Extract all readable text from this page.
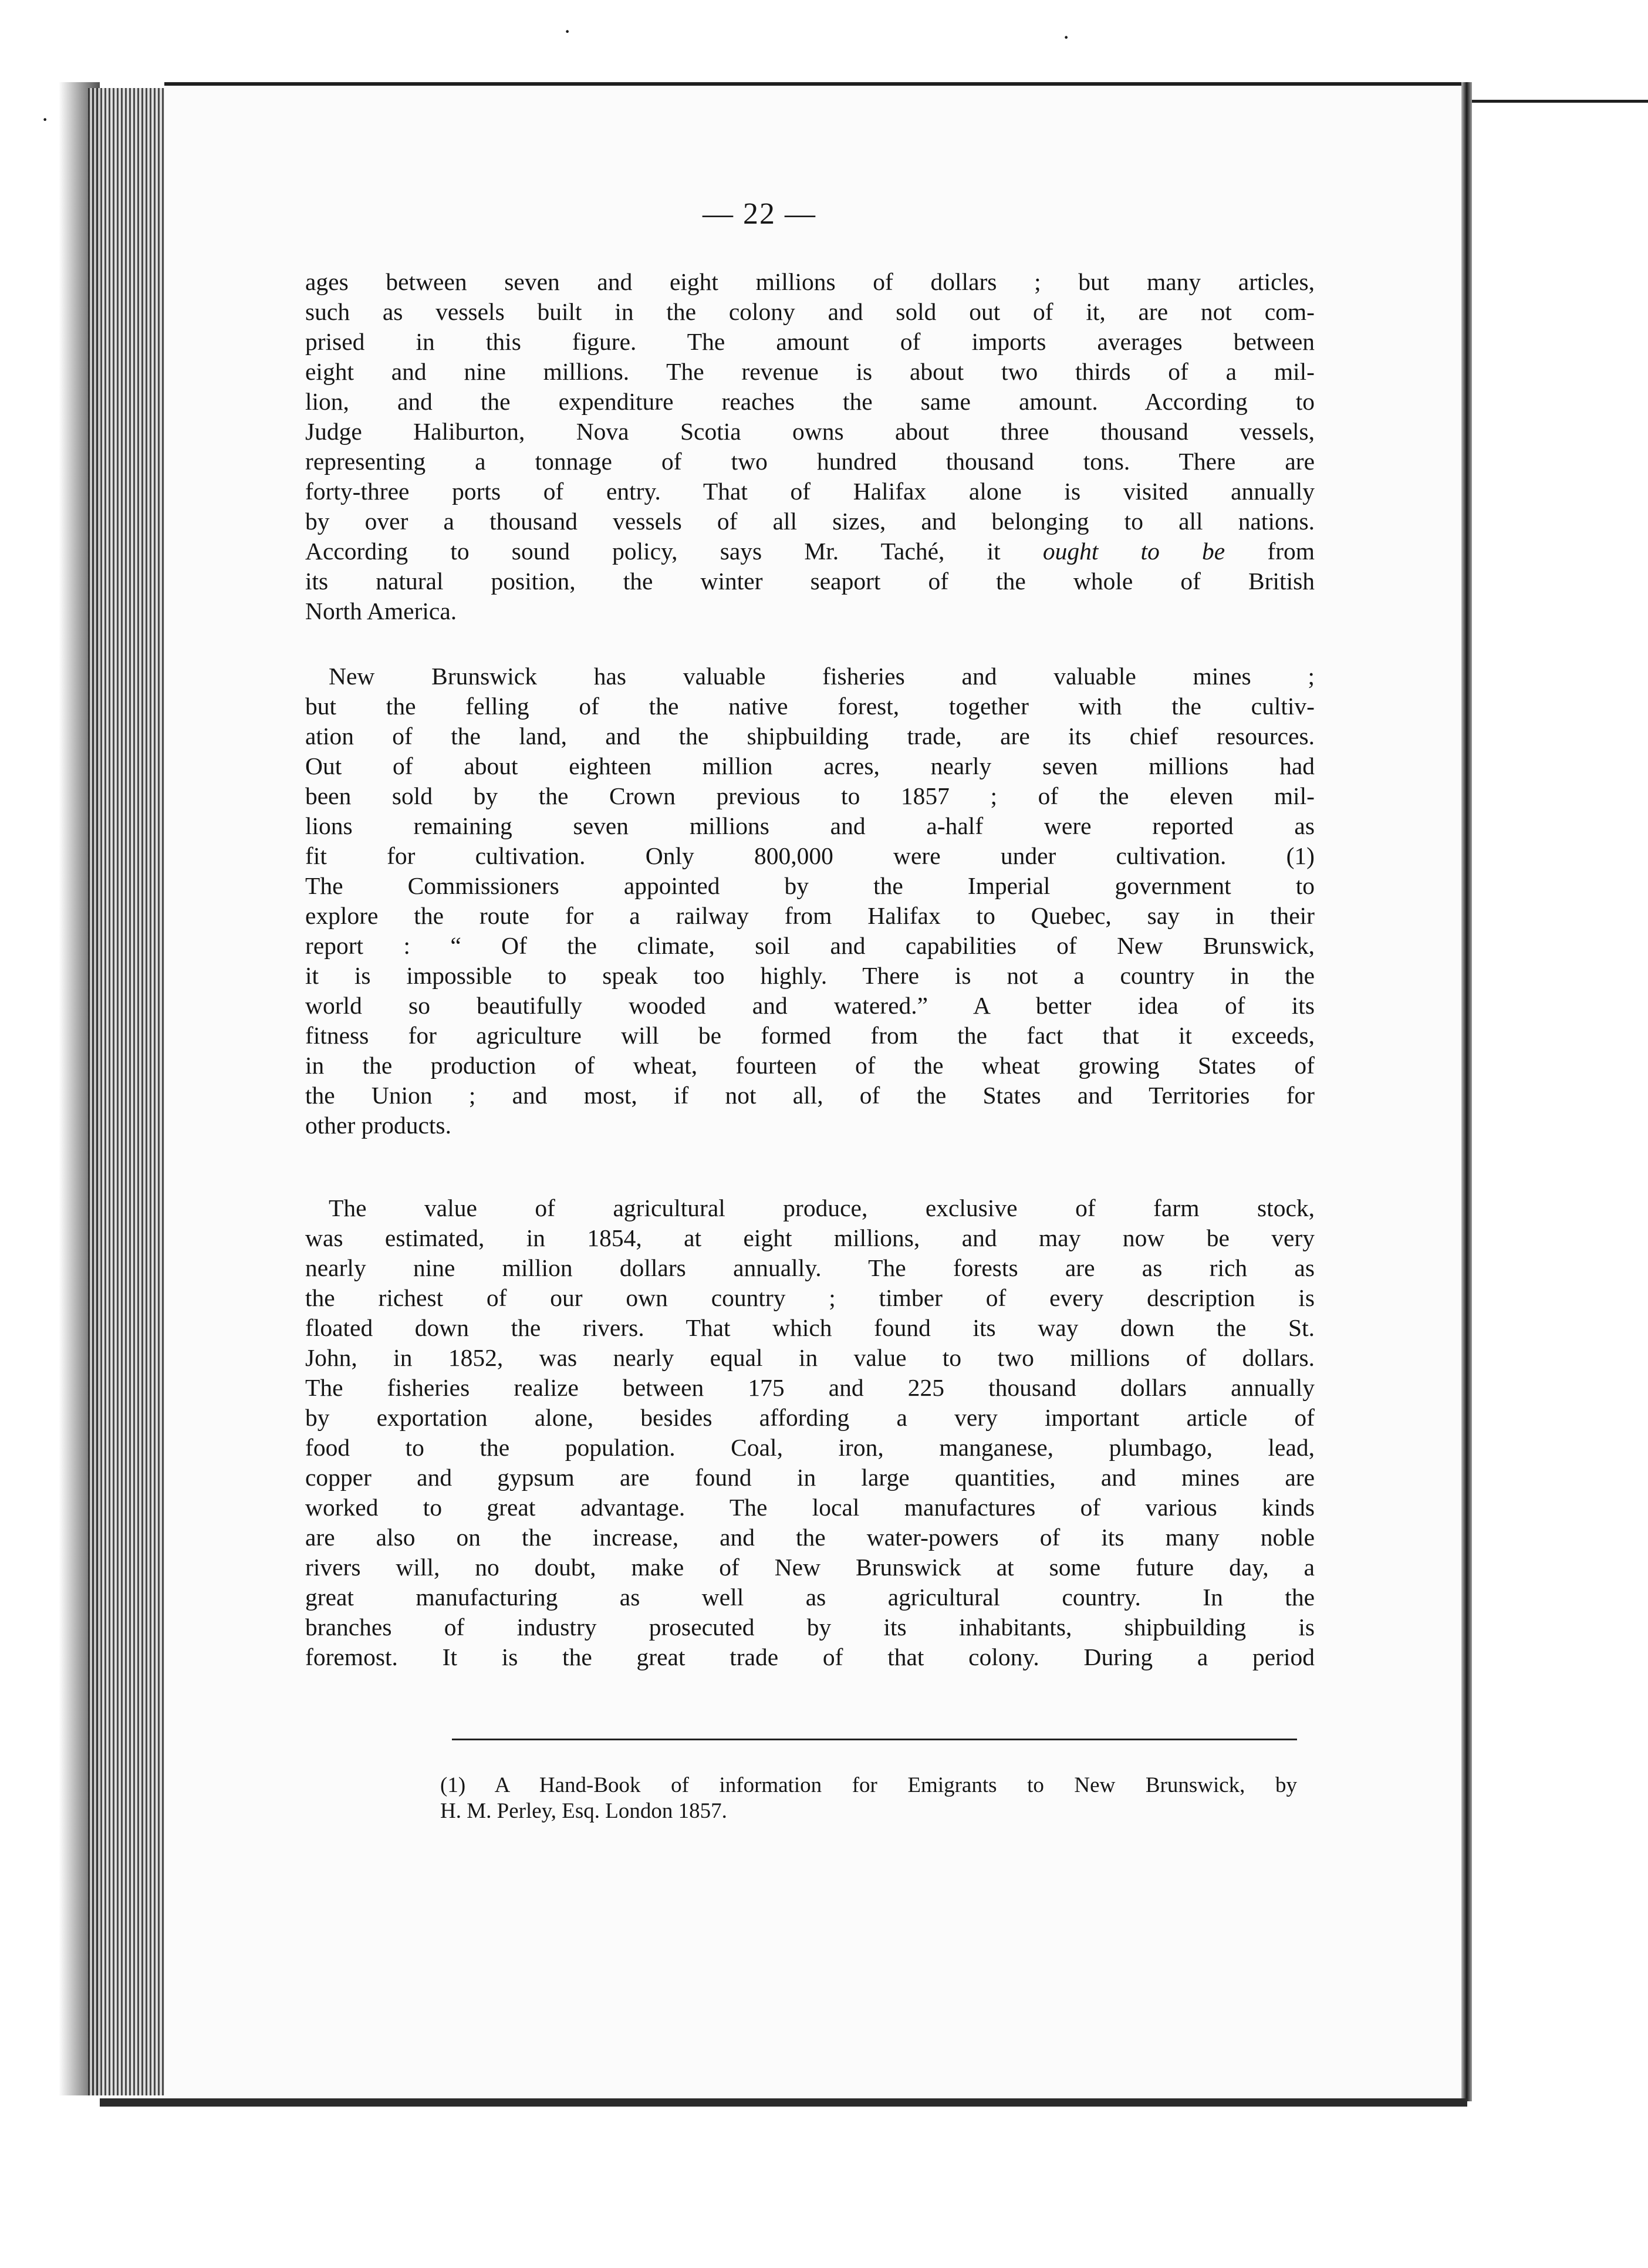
·	·
·
— 22 —
ages between seven and eight millions of dollars ; but many articles,
such as vessels built in the colony and sold out of it, are not com-
prised in this figure. The amount of imports averages between
eight and nine millions. The revenue is about two thirds of a mil-
lion, and the expenditure reaches the same amount. According to
Judge Haliburton, Nova Scotia owns about three thousand vessels,
representing a tonnage of two hundred thousand tons. There are
forty-three ports of entry. That of Halifax alone is visited annually
by over a thousand vessels of all sizes, and belonging to all nations.
According to sound policy, says Mr. Taché, it ought to be from
its natural position, the winter seaport of the whole of British
North America.
New Brunswick has valuable fisheries and valuable mines ;
but the felling of the native forest, together with the cultiv-
ation of the land, and the shipbuilding trade, are its chief resources.
Out of about eighteen million acres, nearly seven millions had
been sold by the Crown previous to 1857 ; of the eleven mil-
lions remaining seven millions and a-half were reported as
fit for cultivation. Only 800,000 were under cultivation. (1)
The Commissioners appointed by the Imperial government to
explore the route for a railway from Halifax to Quebec, say in their
report : “ Of the climate, soil and capabilities of New Brunswick,
it is impossible to speak too highly. There is not a country in the
world so beautifully wooded and watered.” A better idea of its
fitness for agriculture will be formed from the fact that it exceeds,
in the production of wheat, fourteen of the wheat growing States of
the Union ; and most, if not all, of the States and Territories for
other products.
The value of agricultural produce, exclusive of farm stock,
was estimated, in 1854, at eight millions, and may now be very
nearly nine million dollars annually. The forests are as rich as
the richest of our own country ; timber of every description is
floated down the rivers. That which found its way down the St.
John, in 1852, was nearly equal in value to two millions of dollars.
The fisheries realize between 175 and 225 thousand dollars annually
by exportation alone, besides affording a very important article of
food to the population. Coal, iron, manganese, plumbago, lead,
copper and gypsum are found in large quantities, and mines are
worked to great advantage. The local manufactures of various kinds
are also on the increase, and the water-powers of its many noble
rivers will, no doubt, make of New Brunswick at some future day, a
great manufacturing as well as agricultural country. In the
branches of industry prosecuted by its inhabitants, shipbuilding is
foremost. It is the great trade of that colony. During a period
(1) A Hand-Book of information for Emigrants to New Brunswick, by
H. M. Perley, Esq. London 1857.
